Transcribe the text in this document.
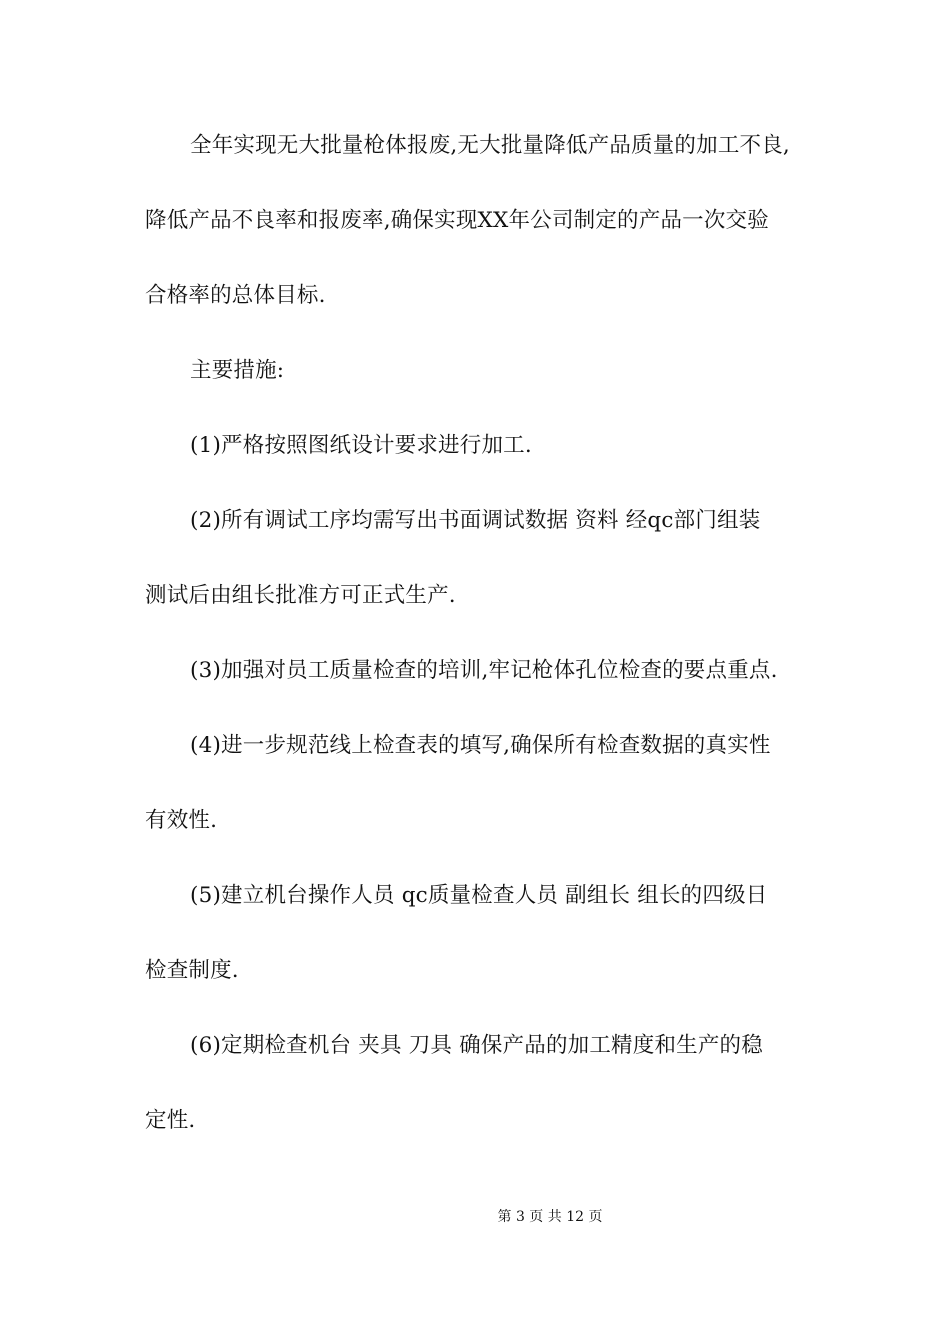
全年实现无大批量枪体报废,无大批量降低产品质量的加工不良,
降低产品不良率和报废率,确保实现XX年公司制定的产品一次交验
合格率的总体目标.
主要措施:
(1)严格按照图纸设计要求进行加工.
(2)所有调试工序均需写出书面调试数据 资料 经qc部门组装
测试后由组长批准方可正式生产.
(3)加强对员工质量检查的培训,牢记枪体孔位检查的要点重点.
(4)进一步规范线上检查表的填写,确保所有检查数据的真实性
有效性.
(5)建立机台操作人员 qc质量检查人员 副组长 组长的四级日
检查制度.
(6)定期检查机台 夹具 刀具 确保产品的加工精度和生产的稳
定性.
第 3 页 共 12 页
